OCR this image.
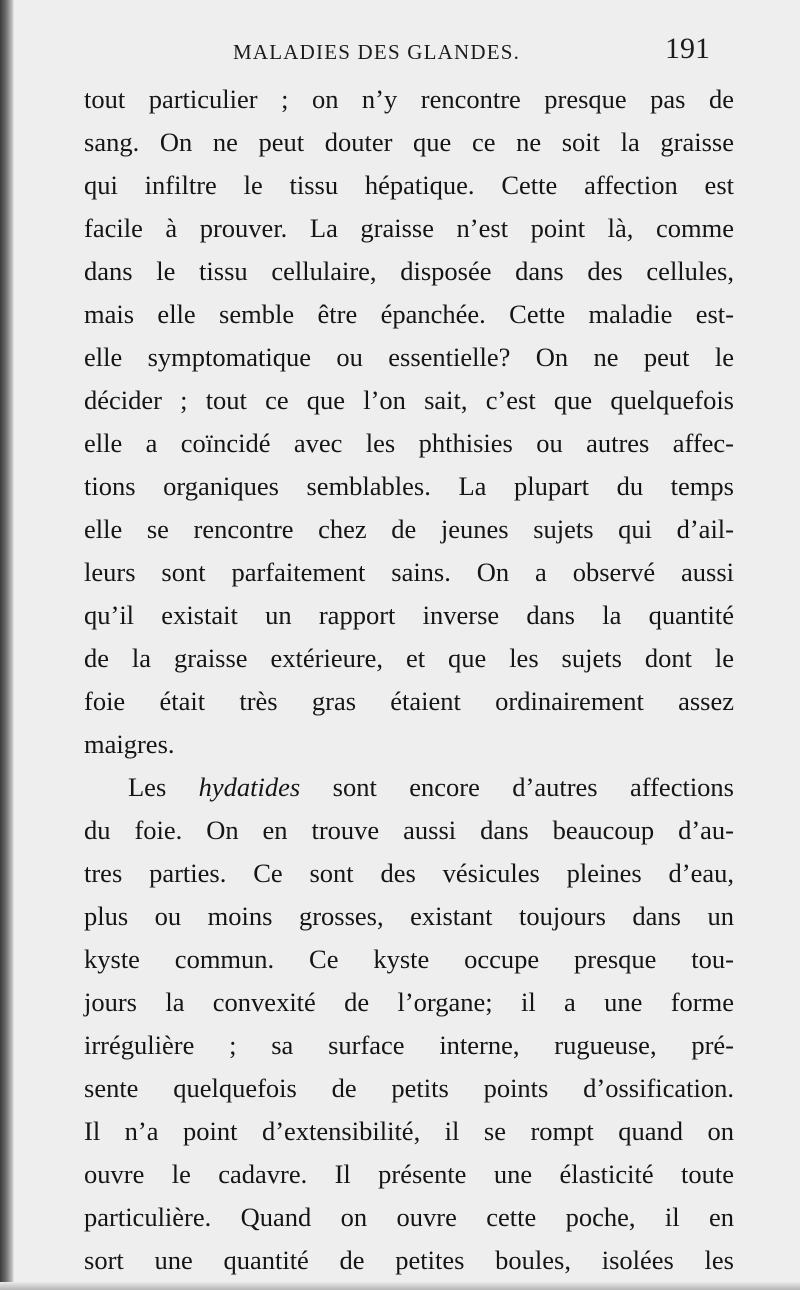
MALADIES DES GLANDES.	191
tout particulier ; on n’y rencontre presque pas de
sang. On ne peut douter que ce ne soit la graisse
qui infiltre le tissu hépatique. Cette affection est
facile à prouver. La graisse n’est point là, comme
dans le tissu cellulaire, disposée dans des cellules,
mais elle semble être épanchée. Cette maladie est-
elle symptomatique ou essentielle? On ne peut le
décider ; tout ce que l’on sait, c’est que quelquefois
elle a coïncidé avec les phthisies ou autres affec-
tions organiques semblables. La plupart du temps
elle se rencontre chez de jeunes sujets qui d’ail-
leurs sont parfaitement sains. On a observé aussi
qu’il existait un rapport inverse dans la quantité
de la graisse extérieure, et que les sujets dont le
foie était très gras étaient ordinairement assez
maigres.
Les hydatides sont encore d’autres affections
du foie. On en trouve aussi dans beaucoup d’au-
tres parties. Ce sont des vésicules pleines d’eau,
plus ou moins grosses, existant toujours dans un
kyste commun. Ce kyste occupe presque tou-
jours la convexité de l’organe; il a une forme
irrégulière ; sa surface interne, rugueuse, pré-
sente quelquefois de petits points d’ossification.
Il n’a point d’extensibilité, il se rompt quand on
ouvre le cadavre. Il présente une élasticité toute
particulière. Quand on ouvre cette poche, il en
sort une quantité de petites boules, isolées les
